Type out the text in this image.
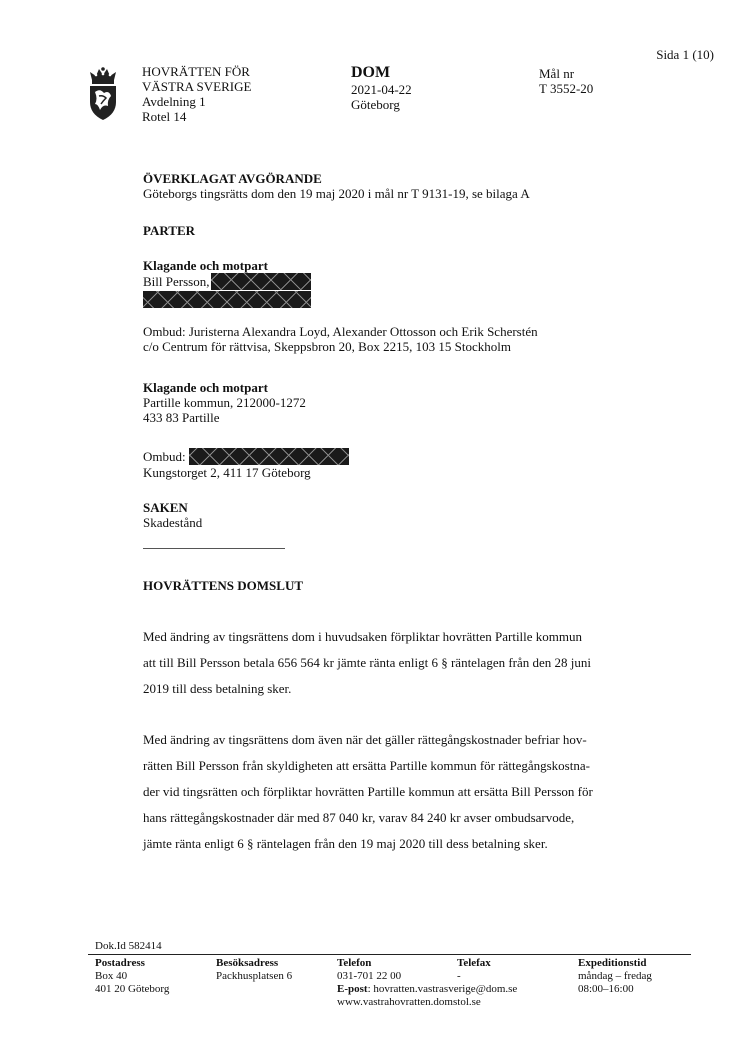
Sida 1 (10)
HOVRÄTTEN FÖR
VÄSTRA SVERIGE
Avdelning 1
Rotel 14
DOM
2021-04-22
Göteborg
Mål nr
T 3552-20
ÖVERKLAGAT AVGÖRANDE
Göteborgs tingsrätts dom den 19 maj 2020 i mål nr T 9131-19, se bilaga A
PARTER
Klagande och motpart
Bill Persson,
Ombud: Juristerna Alexandra Loyd, Alexander Ottosson och Erik Scherstén
c/o Centrum för rättvisa, Skeppsbron 20, Box 2215, 103 15 Stockholm
Klagande och motpart
Partille kommun, 212000-1272
433 83 Partille
Ombud:
Kungstorget 2, 411 17 Göteborg
SAKEN
Skadestånd
HOVRÄTTENS DOMSLUT
Med ändring av tingsrättens dom i huvudsaken förpliktar hovrätten Partille kommun
att till Bill Persson betala 656 564 kr jämte ränta enligt 6 § räntelagen från den 28 juni
2019 till dess betalning sker.
Med ändring av tingsrättens dom även när det gäller rättegångskostnader befriar hov-
rätten Bill Persson från skyldigheten att ersätta Partille kommun för rättegångskostna-
der vid tingsrätten och förpliktar hovrätten Partille kommun att ersätta Bill Persson för
hans rättegångskostnader där med 87 040 kr, varav 84 240 kr avser ombudsarvode,
jämte ränta enligt 6 § räntelagen från den 19 maj 2020 till dess betalning sker.
Dok.Id 582414
Postadress
Box 40
401 20 Göteborg
Besöksadress
Packhusplatsen 6
Telefon
031-701 22 00
E-post: hovratten.vastrasverige@dom.se
www.vastrahovratten.domstol.se
Telefax
-
Expeditionstid
måndag – fredag
08:00–16:00
